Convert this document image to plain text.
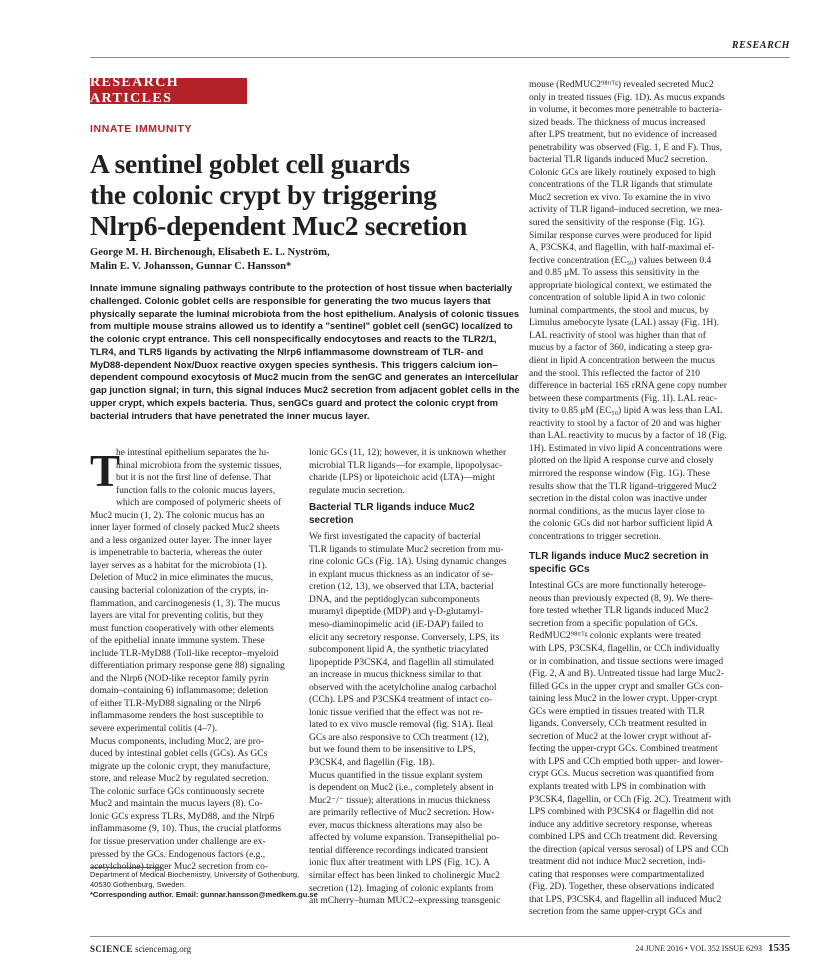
RESEARCH
RESEARCH ARTICLES
INNATE IMMUNITY
A sentinel goblet cell guards
the colonic crypt by triggering
Nlrp6-dependent Muc2 secretion
George M. H. Birchenough, Elisabeth E. L. Nyström,
Malin E. V. Johansson, Gunnar C. Hansson*
Innate immune signaling pathways contribute to the protection of host tissue when bacterially
challenged. Colonic goblet cells are responsible for generating the two mucus layers that
physically separate the luminal microbiota from the host epithelium. Analysis of colonic tissues
from multiple mouse strains allowed us to identify a "sentinel" goblet cell (senGC) localized to
the colonic crypt entrance. This cell nonspecifically endocytoses and reacts to the TLR2/1,
TLR4, and TLR5 ligands by activating the Nlrp6 inflammasome downstream of TLR- and
MyD88-dependent Nox/Duox reactive oxygen species synthesis. This triggers calcium ion–
dependent compound exocytosis of Muc2 mucin from the senGC and generates an intercellular
gap junction signal; in turn, this signal induces Muc2 secretion from adjacent goblet cells in the
upper crypt, which expels bacteria. Thus, senGCs guard and protect the colonic crypt from
bacterial intruders that have penetrated the inner mucus layer.
T
he intestinal epithelium separates the lu-
minal microbiota from the systemic tissues,
but it is not the first line of defense. That
function falls to the colonic mucus layers,
which are composed of polymeric sheets of
Muc2 mucin (1, 2). The colonic mucus has an
inner layer formed of closely packed Muc2 sheets
and a less organized outer layer. The inner layer
is impenetrable to bacteria, whereas the outer
layer serves as a habitat for the microbiota (1).
Deletion of Muc2 in mice eliminates the mucus,
causing bacterial colonization of the crypts, in-
flammation, and carcinogenesis (1, 3). The mucus
layers are vital for preventing colitis, but they
must function cooperatively with other elements
of the epithelial innate immune system. These
include TLR-MyD88 (Toll-like receptor–myeloid
differentiation primary response gene 88) signaling
and the Nlrp6 (NOD-like receptor family pyrin
domain–containing 6) inflammasome; deletion
of either TLR-MyD88 signaling or the Nlrp6
inflammasome renders the host susceptible to
severe experimental colitis (4–7).
Mucus components, including Muc2, are pro-
duced by intestinal goblet cells (GCs). As GCs
migrate up the colonic crypt, they manufacture,
store, and release Muc2 by regulated secretion.
The colonic surface GCs continuously secrete
Muc2 and maintain the mucus layers (8). Co-
lonic GCs express TLRs, MyD88, and the Nlrp6
inflammasome (9, 10). Thus, the crucial platforms
for tissue preservation under challenge are ex-
pressed by the GCs. Endogenous factors (e.g.,
acetylcholine) trigger Muc2 secretion from co-
lonic GCs (11, 12); however, it is unknown whether
microbial TLR ligands—for example, lipopolysac-
charide (LPS) or lipoteichoic acid (LTA)—might
regulate mucin secretion.
Bacterial TLR ligands induce Muc2
secretion
We first investigated the capacity of bacterial
TLR ligands to stimulate Muc2 secretion from mu-
rine colonic GCs (Fig. 1A). Using dynamic changes
in explant mucus thickness as an indicator of se-
cretion (12, 13), we observed that LTA, bacterial
DNA, and the peptidoglycan subcomponents
muramyl dipeptide (MDP) and γ-D-glutamyl-
meso-diaminopimelic acid (iE-DAP) failed to
elicit any secretory response. Conversely, LPS, its
subcomponent lipid A, the synthetic triacylated
lipopeptide P3CSK4, and flagellin all stimulated
an increase in mucus thickness similar to that
observed with the acetylcholine analog carbachol
(CCh). LPS and P3CSK4 treatment of intact co-
lonic tissue verified that the effect was not re-
lated to ex vivo muscle removal (fig. S1A). Ileal
GCs are also responsive to CCh treatment (12),
but we found them to be insensitive to LPS,
P3CSK4, and flagellin (Fig. 1B).
Mucus quantified in the tissue explant system
is dependent on Muc2 (i.e., completely absent in
Muc2⁻/⁻ tissue); alterations in mucus thickness
are primarily reflective of Muc2 secretion. How-
ever, mucus thickness alterations may also be
affected by volume expansion. Transepithelial po-
tential difference recordings indicated transient
ionic flux after treatment with LPS (Fig. 1C). A
similar effect has been linked to cholinergic Muc2
secretion (12). Imaging of colonic explants from
an mCherry–human MUC2–expressing transgenic
mouse (RedMUC2⁹⁸ᵗʳᵀᵍ) revealed secreted Muc2
only in treated tissues (Fig. 1D). As mucus expands
in volume, it becomes more penetrable to bacteria-
sized beads. The thickness of mucus increased
after LPS treatment, but no evidence of increased
penetrability was observed (Fig. 1, E and F). Thus,
bacterial TLR ligands induced Muc2 secretion.
Colonic GCs are likely routinely exposed to high
concentrations of the TLR ligands that stimulate
Muc2 secretion ex vivo. To examine the in vivo
activity of TLR ligand–induced secretion, we mea-
sured the sensitivity of the response (Fig. 1G).
Similar response curves were produced for lipid
A, P3CSK4, and flagellin, with half-maximal ef-
fective concentration (EC₅₀) values between 0.4
and 0.85 μM. To assess this sensitivity in the
appropriate biological context, we estimated the
concentration of soluble lipid A in two colonic
luminal compartments, the stool and mucus, by
Limulus amebocyte lysate (LAL) assay (Fig. 1H).
LAL reactivity of stool was higher than that of
mucus by a factor of 360, indicating a steep gra-
dient in lipid A concentration between the mucus
and the stool. This reflected the factor of 210
difference in bacterial 16S rRNA gene copy number
between these compartments (Fig. 1I). LAL reac-
tivity to 0.85 μM (EC₅₀) lipid A was less than LAL
reactivity to stool by a factor of 20 and was higher
than LAL reactivity to mucus by a factor of 18 (Fig.
1H). Estimated in vivo lipid A concentrations were
plotted on the lipid A response curve and closely
mirrored the response window (Fig. 1G). These
results show that the TLR ligand–triggered Muc2
secretion in the distal colon was inactive under
normal conditions, as the mucus layer close to
the colonic GCs did not harbor sufficient lipid A
concentrations to trigger secretion.
TLR ligands induce Muc2 secretion in
specific GCs
Intestinal GCs are more functionally heteroge-
neous than previously expected (8, 9). We there-
fore tested whether TLR ligands induced Muc2
secretion from a specific population of GCs.
RedMUC2⁹⁸ᵗʳᵀᵍ colonic explants were treated
with LPS, P3CSK4, flagellin, or CCh individually
or in combination, and tissue sections were imaged
(Fig. 2, A and B). Untreated tissue had large Muc2-
filled GCs in the upper crypt and smaller GCs con-
taining less Muc2 in the lower crypt. Upper-crypt
GCs were emptied in tissues treated with TLR
ligands. Conversely, CCh treatment resulted in
secretion of Muc2 at the lower crypt without af-
fecting the upper-crypt GCs. Combined treatment
with LPS and CCh emptied both upper- and lower-
crypt GCs. Mucus secretion was quantified from
explants treated with LPS in combination with
P3CSK4, flagellin, or CCh (Fig. 2C). Treatment with
LPS combined with P3CSK4 or flagellin did not
induce any additive secretory response, whereas
combined LPS and CCh treatment did. Reversing
the direction (apical versus serosal) of LPS and CCh
treatment did not induce Muc2 secretion, indi-
cating that responses were compartmentalized
(Fig. 2D). Together, these observations indicated
that LPS, P3CSK4, and flagellin all induced Muc2
secretion from the same upper-crypt GCs and
Department of Medical Biochemistry, University of Gothenburg,
40530 Gothenburg, Sweden.
*Corresponding author. Email: gunnar.hansson@medkem.gu.se
SCIENCE sciencemag.org	24 JUNE 2016 • VOL 352 ISSUE 6293 1535
